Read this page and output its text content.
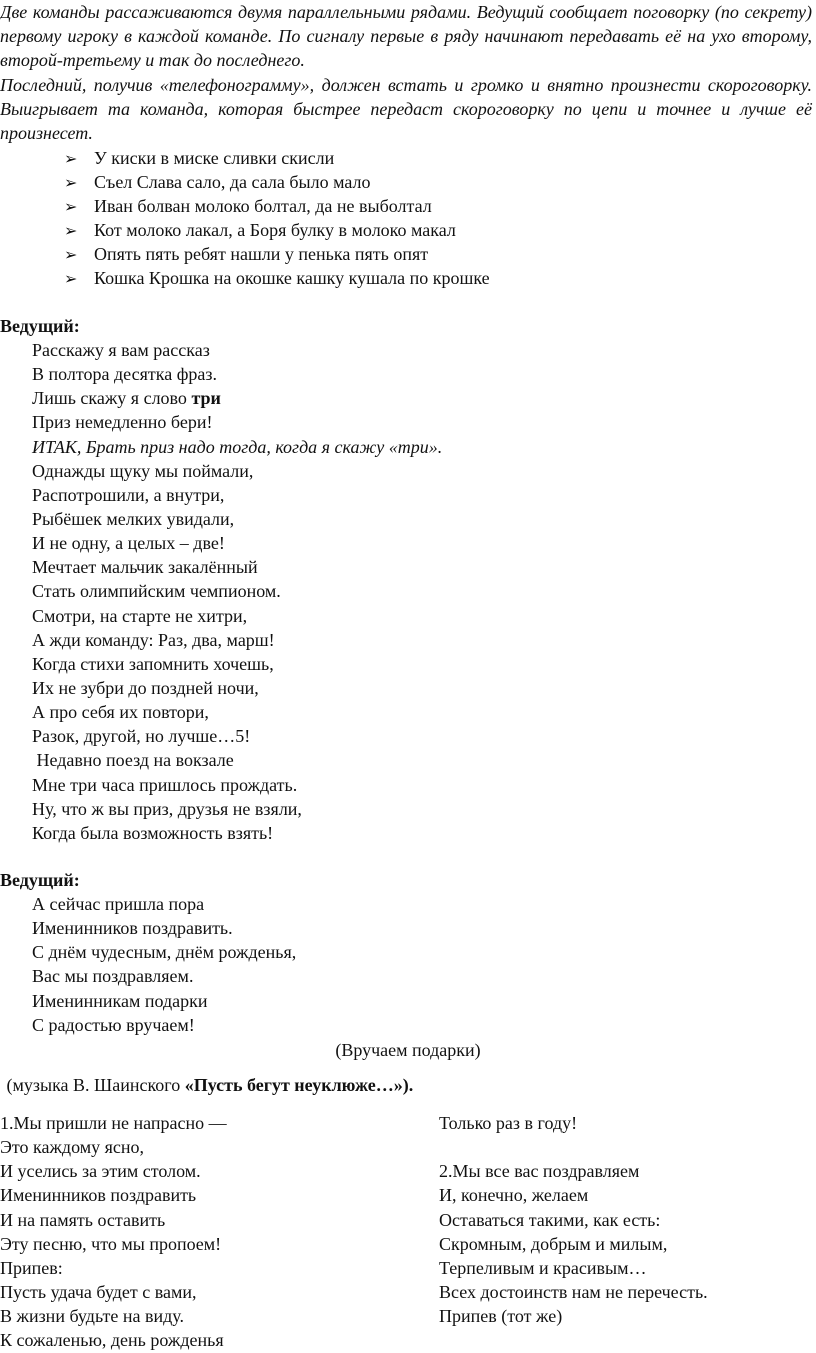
Две команды рассаживаются двумя параллельными рядами. Ведущий сообщает поговорку (по секрету) первому игроку в каждой команде. По сигналу первые в ряду начинают передавать её на ухо второму, второй-третьему и так до последнего.

Последний, получив «телефонограмму», должен встать и громко и внятно произнести скороговорку. Выигрывает та команда, которая быстрее передаст скороговорку по цепи и точнее и лучше её произнесет.

➢ У киски в миске сливки скисли
➢ Съел Слава сало, да сала было мало
➢ Иван болван молоко болтал, да не выболтал
➢ Кот молоко лакал, а Боря булку в молоко макал
➢ Опять пять ребят нашли у пенька пять опят
➢ Кошка Крошка на окошке кашку кушала по крошке
Ведущий:
Расскажу я вам рассказ
В полтора десятка фраз.
Лишь скажу я слово три
Приз немедленно бери!
ИТАК, Брать приз надо тогда, когда я скажу «три».
Однажды щуку мы поймали,
Распотрошили, а внутри,
Рыбёшек мелких увидали,
И не одну, а целых – две!
Мечтает мальчик закалённый
Стать олимпийским чемпионом.
Смотри, на старте не хитри,
А жди команду: Раз, два, марш!
Когда стихи запомнить хочешь,
Их не зубри до поздней ночи,
А про себя их повтори,
Разок, другой, но лучше…5!
Недавно поезд на вокзале
Мне три часа пришлось прождать.
Ну, что ж вы приз, друзья не взяли,
Когда была возможность взять!
Ведущий:
А сейчас пришла пора
Именинников поздравить.
С днём чудесным, днём рожденья,
Вас мы поздравляем.
Именинникам подарки
С радостью вручаем!
(Вручаем подарки)
(музыка В. Шаинского «Пусть бегут неуклюже…»).
1.Мы пришли не напрасно —
Это каждому ясно,
И уселись за этим столом.
Именинников поздравить
И на память оставить
Эту песню, что мы пропоем!
Припев:
Пусть удача будет с вами,
В жизни будьте на виду.
К сожаленью, день рожденья
Только раз в году!
2.Мы все вас поздравляем
И, конечно, желаем
Оставаться такими, как есть:
Скромным, добрым и милым,
Терпеливым и красивым…
Всех достоинств нам не перечесть.
Припев (тот же)
